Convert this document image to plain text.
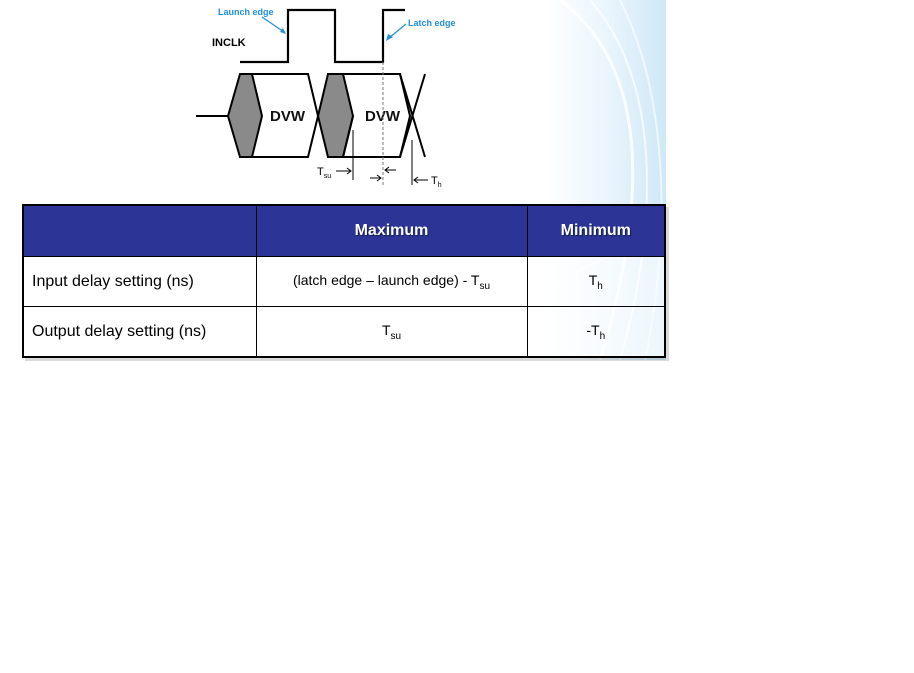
INCLK
Launch edge
Latch edge
DVW	DVW
$T_{su}$	$T_h$
	Maximum	Minimum
Input delay setting (ns)	(latch edge – launch edge) - $T_{su}$	$T_h$
Output delay setting (ns)	$T_{su}$	$-T_h$
